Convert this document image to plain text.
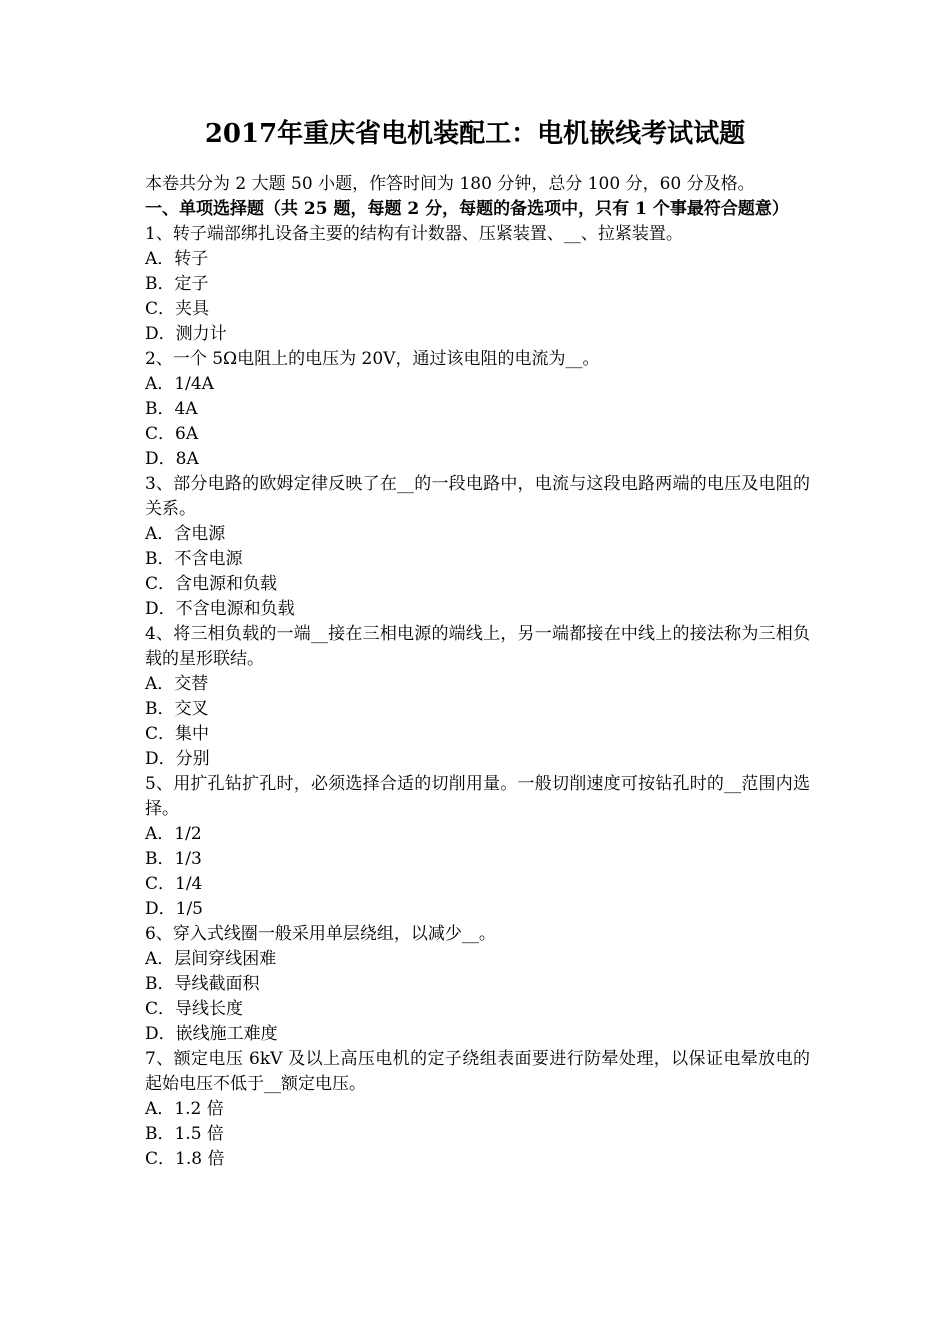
2017年重庆省电机装配工：电机嵌线考试试题

本卷共分为 2 大题 50 小题，作答时间为 180 分钟，总分 100 分，60 分及格。

一、单项选择题（共 25 题，每题 2 分，每题的备选项中，只有 1 个事最符合题意）

1、转子端部绑扎设备主要的结构有计数器、压紧装置、__、拉紧装置。

A．转子
B．定子
C．夹具
D．测力计

2、一个 5Ω电阻上的电压为 20V，通过该电阻的电流为__。

A．1/4A
B．4A
C．6A
D．8A

3、部分电路的欧姆定律反映了在__的一段电路中，电流与这段电路两端的电压及电阻的关系。

A．含电源
B．不含电源
C．含电源和负载
D．不含电源和负载

4、将三相负载的一端__接在三相电源的端线上，另一端都接在中线上的接法称为三相负载的星形联结。

A．交替
B．交叉
C．集中
D．分别

5、用扩孔钻扩孔时，必须选择合适的切削用量。一般切削速度可按钻孔时的__范围内选择。

A．1/2
B．1/3
C．1/4
D．1/5

6、穿入式线圈一般采用单层绕组，以减少__。

A．层间穿线困难
B．导线截面积
C．导线长度
D．嵌线施工难度

7、额定电压 6kV 及以上高压电机的定子绕组表面要进行防晕处理，以保证电晕放电的起始电压不低于__额定电压。

A．1.2 倍
B．1.5 倍
C．1.8 倍
